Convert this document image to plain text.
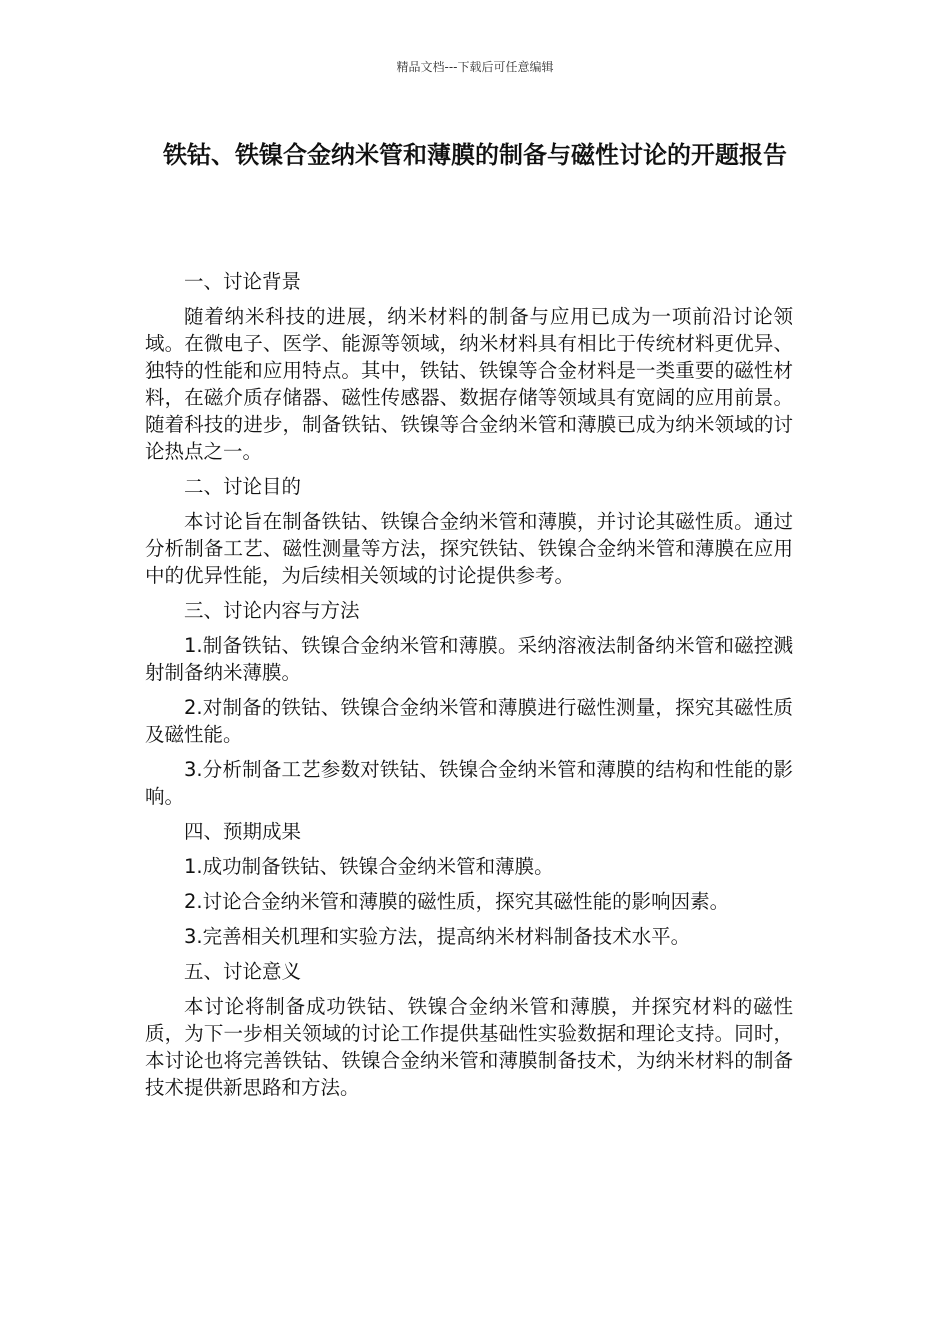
精品文档---下载后可任意编辑
铁钴、铁镍合金纳米管和薄膜的制备与磁性讨论的开题报告

一、讨论背景

随着纳米科技的进展，纳米材料的制备与应用已成为一项前沿讨论领域。在微电子、医学、能源等领域，纳米材料具有相比于传统材料更优异、独特的性能和应用特点。其中，铁钴、铁镍等合金材料是一类重要的磁性材料，在磁介质存储器、磁性传感器、数据存储等领域具有宽阔的应用前景。随着科技的进步，制备铁钴、铁镍等合金纳米管和薄膜已成为纳米领域的讨论热点之一。

二、讨论目的

本讨论旨在制备铁钴、铁镍合金纳米管和薄膜，并讨论其磁性质。通过分析制备工艺、磁性测量等方法，探究铁钴、铁镍合金纳米管和薄膜在应用中的优异性能，为后续相关领域的讨论提供参考。

三、讨论内容与方法

1.制备铁钴、铁镍合金纳米管和薄膜。采纳溶液法制备纳米管和磁控溅射制备纳米薄膜。

2.对制备的铁钴、铁镍合金纳米管和薄膜进行磁性测量，探究其磁性质及磁性能。

3.分析制备工艺参数对铁钴、铁镍合金纳米管和薄膜的结构和性能的影响。

四、预期成果

1.成功制备铁钴、铁镍合金纳米管和薄膜。

2.讨论合金纳米管和薄膜的磁性质，探究其磁性能的影响因素。

3.完善相关机理和实验方法，提高纳米材料制备技术水平。

五、讨论意义

本讨论将制备成功铁钴、铁镍合金纳米管和薄膜，并探究材料的磁性质，为下一步相关领域的讨论工作提供基础性实验数据和理论支持。同时，本讨论也将完善铁钴、铁镍合金纳米管和薄膜制备技术，为纳米材料的制备技术提供新思路和方法。
